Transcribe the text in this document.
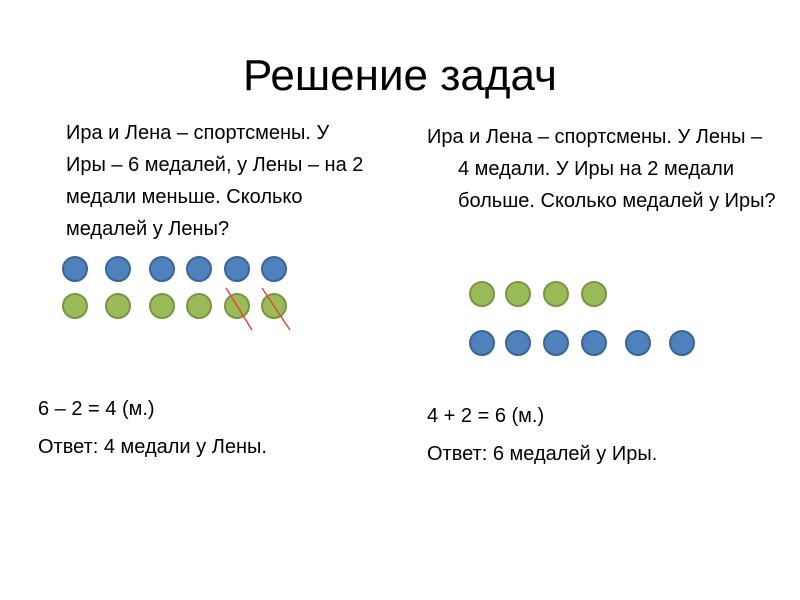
Решение задач
Ира и Лена – спортсмены. У Иры – 6 медалей, у Лены – на 2 медали меньше. Сколько медалей у Лены?
Ира и Лена – спортсмены. У Лены – 4 медали. У Иры на 2 медали больше. Сколько медалей у Иры?
6 – 2 = 4 (м.)
Ответ: 4 медали у Лены.
4 + 2 = 6 (м.)
Ответ: 6 медалей у Иры.
